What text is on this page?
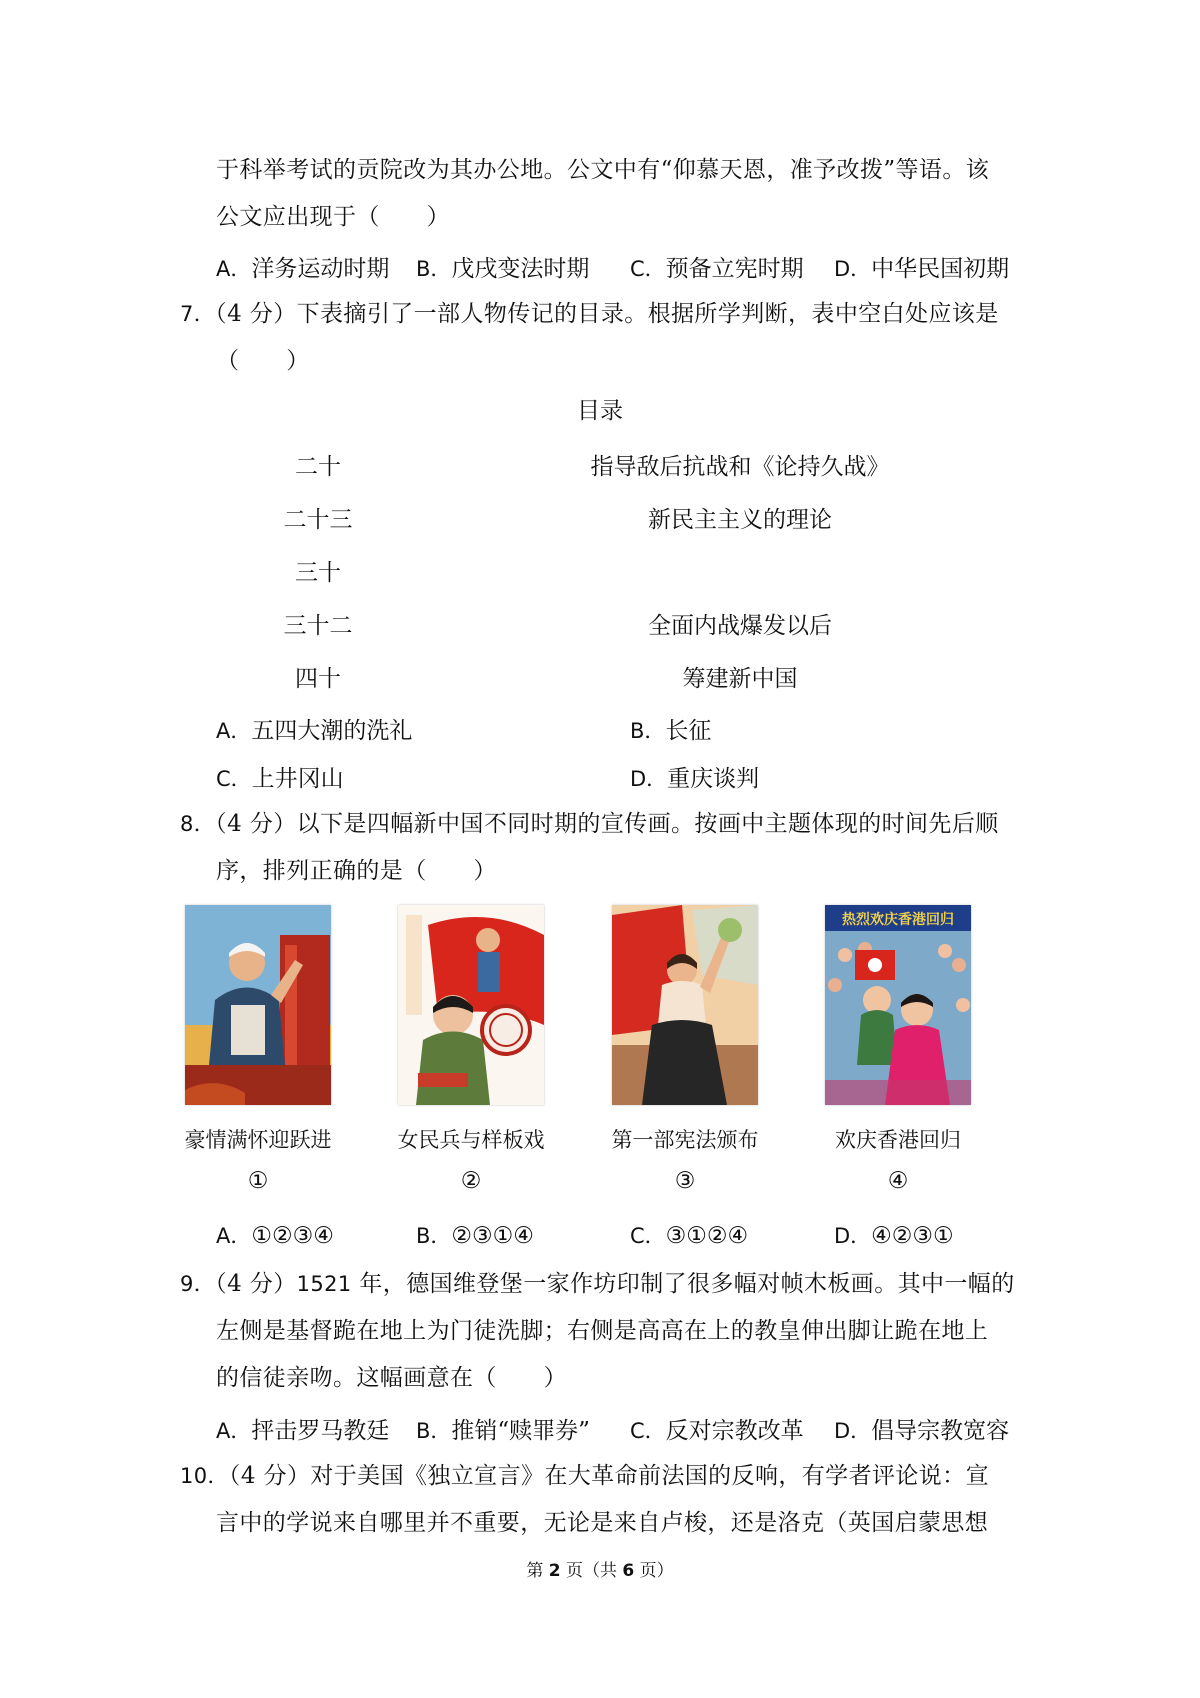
于科举考试的贡院改为其办公地。公文中有“仰慕天恩，准予改拨”等语。该
公文应出现于（　　）
A．洋务运动时期 B．戊戌变法时期 C．预备立宪时期 D．中华民国初期
7．（4 分）下表摘引了一部人物传记的目录。根据所学判断，表中空白处应该是
（　　）
目录
二十	指导敌后抗战和《论持久战》
二十三	新民主主义的理论
三十
三十二	全面内战爆发以后
四十	筹建新中国
A．五四大潮的洗礼	B．长征
C．上井冈山	D．重庆谈判
8．（4 分）以下是四幅新中国不同时期的宣传画。按画中主题体现的时间先后顺
序，排列正确的是（　　）
热烈欢庆香港回归
豪情满怀迎跃进	女民兵与样板戏	第一部宪法颁布	欢庆香港回归
①	②	③	④
A．①②③④	B．②③①④	C．③①②④	D．④②③①
9．（4 分）1521 年，德国维登堡一家作坊印制了很多幅对帧木板画。其中一幅的
左侧是基督跪在地上为门徒洗脚；右侧是高高在上的教皇伸出脚让跪在地上
的信徒亲吻。这幅画意在（　　）
A．抨击罗马教廷 B．推销“赎罪券” C．反对宗教改革 D．倡导宗教宽容
10．（4 分）对于美国《独立宣言》在大革命前法国的反响，有学者评论说：宣
言中的学说来自哪里并不重要，无论是来自卢梭，还是洛克（英国启蒙思想
第 2 页（共 6 页）
